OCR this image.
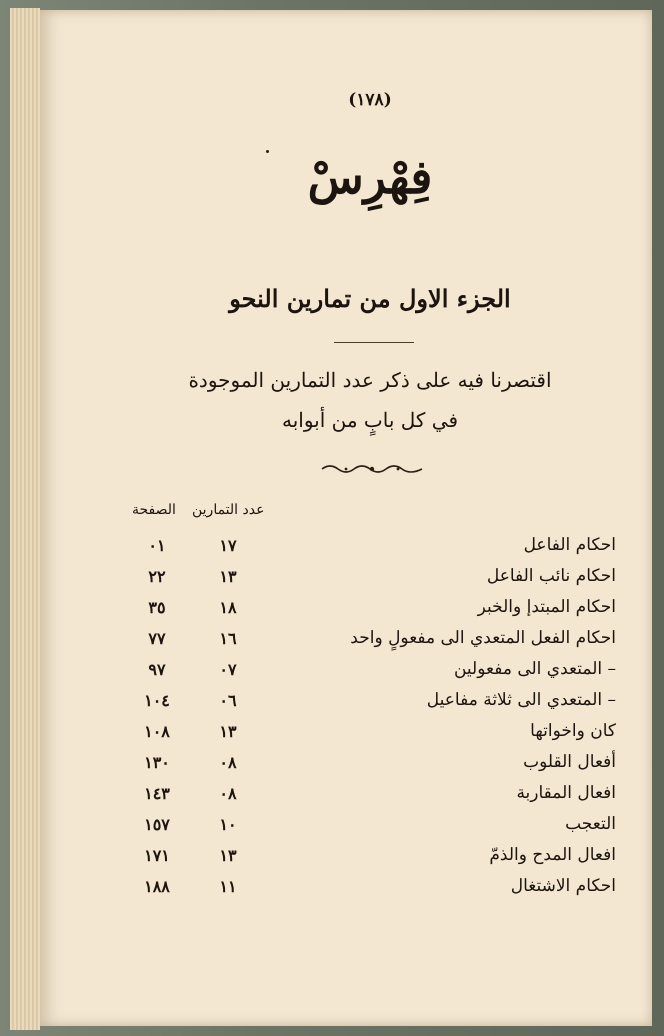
(١٧٨)
فِهْرِسْ
الجزء الاول من تمارين النحو
اقتصرنا فيه على ذكر عدد التمارين الموجودة
في كل بابٍ من أبوابه
الصفحة عدد التمارين
احكام الفاعل
١٧
٠١
احكام نائب الفاعل
١٣
٢٢
احكام المبتدإ والخبر
١٨
٣٥
احكام الفعل المتعدي الى مفعولٍ واحد
١٦
٧٧
– المتعدي الى مفعولين
٠٧
٩٧
– المتعدي الى ثلاثة مفاعيل
٠٦
١٠٤
كان واخواتها
١٣
١٠٨
أفعال القلوب
٠٨
١٣٠
افعال المقاربة
٠٨
١٤٣
التعجب
١٠
١٥٧
افعال المدح والذمّ
١٣
١٧١
احكام الاشتغال
١١
١٨٨
